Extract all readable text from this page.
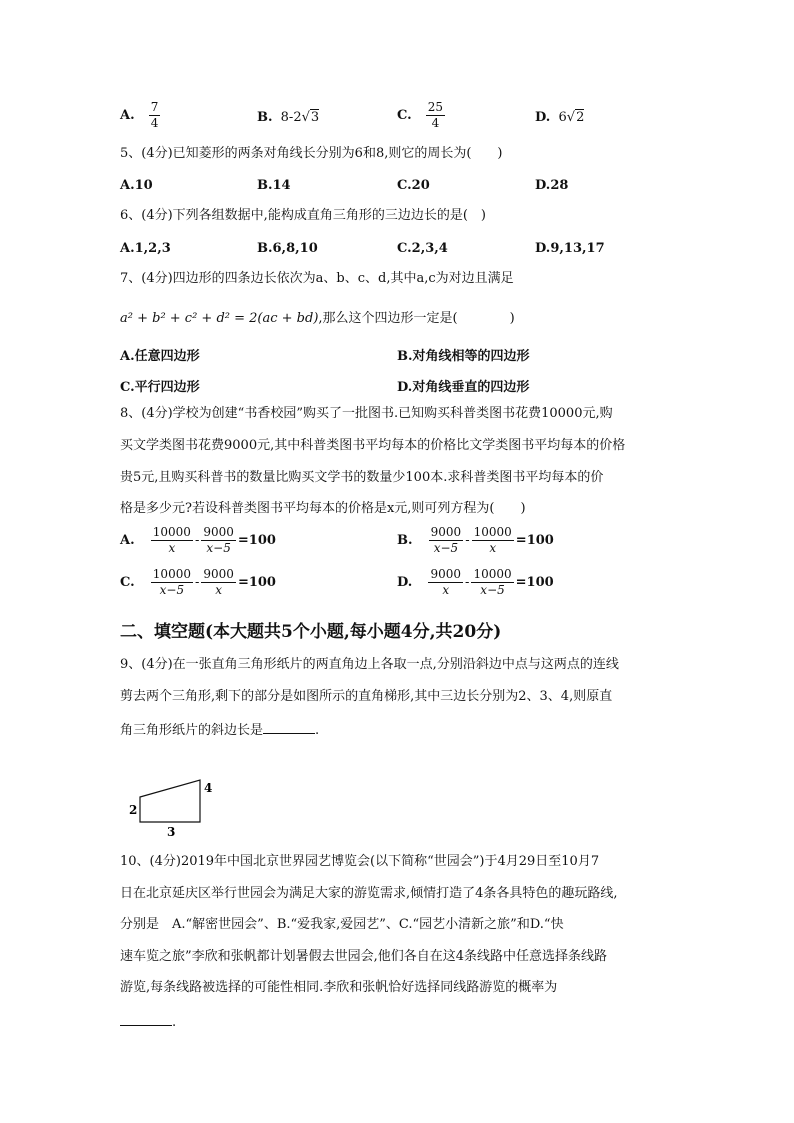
A. $\frac{7}{4}$	B. 8-2√3	C. $\frac{25}{4}$	D. 6√2
5、(4分)已知菱形的两条对角线长分别为6和8,则它的周长为(　　)
A.10	B.14	C.20	D.28
6、(4分)下列各组数据中,能构成直角三角形的三边边长的是(　)
A.1,2,3	B.6,8,10	C.2,3,4	D.9,13,17
7、(4分)四边形的四条边长依次为a、b、c、d,其中a,c为对边且满足
a² + b² + c² + d² = 2(ac + bd),那么这个四边形一定是(　　　　)
A.任意四边形	B.对角线相等的四边形
C.平行四边形	D.对角线垂直的四边形
8、(4分)学校为创建“书香校园”购买了一批图书.已知购买科普类图书花费10000元,购
买文学类图书花费9000元,其中科普类图书平均每本的价格比文学类图书平均每本的价格
贵5元,且购买科普书的数量比购买文学书的数量少100本.求科普类图书平均每本的价
格是多少元?若设科普类图书平均每本的价格是x元,则可列方程为(　　)
A. $\frac{10000}{x} - \frac{9000}{x-5} =100$	B. $\frac{9000}{x-5} - \frac{10000}{x} =100$
C. $\frac{10000}{x-5} - \frac{9000}{x} =100$	D. $\frac{9000}{x} - \frac{10000}{x-5} =100$
二、填空题(本大题共5个小题,每小题4分,共20分)
9、(4分)在一张直角三角形纸片的两直角边上各取一点,分别沿斜边中点与这两点的连线
剪去两个三角形,剩下的部分是如图所示的直角梯形,其中三边长分别为2、3、4,则原直
角三角形纸片的斜边长是	.
2
3
4
10、(4分)2019年中国北京世界园艺博览会(以下简称“世园会”)于4月29日至10月7
日在北京延庆区举行世园会为满足大家的游览需求,倾情打造了4条各具特色的趣玩路线,
分别是　A.“解密世园会”、B.“爱我家,爱园艺”、C.“园艺小清新之旅”和D.“快
速车览之旅”李欣和张帆都计划暑假去世园会,他们各自在这4条线路中任意选择条线路
游览,每条线路被选择的可能性相同.李欣和张帆恰好选择同线路游览的概率为
.
